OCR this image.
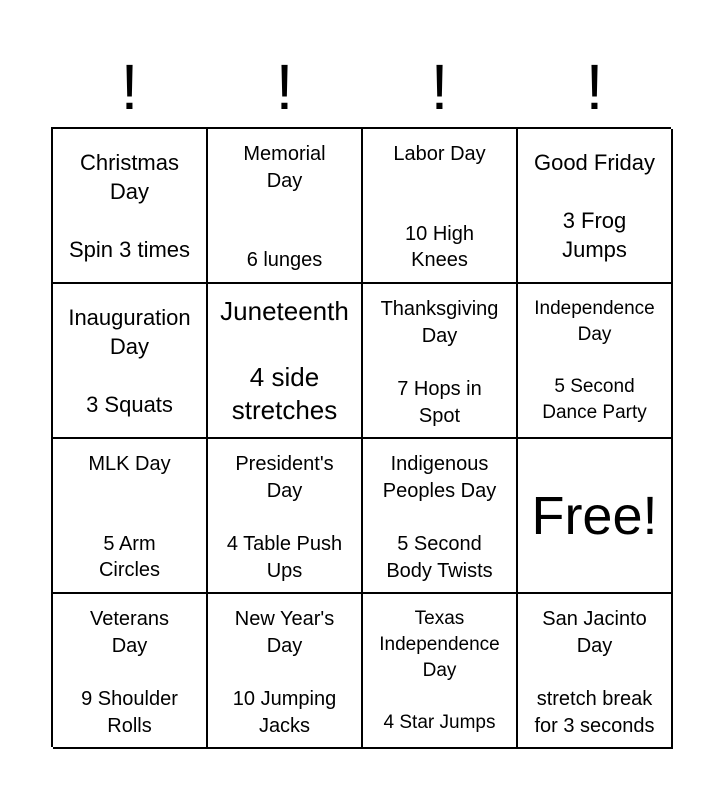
!	!	!	!
Christmas
Day
Spin 3 times
Memorial
Day
6 lunges
Labor Day
10 High
Knees
Good Friday
3 Frog
Jumps
Inauguration
Day
3 Squats
Juneteenth
4 side
stretches
Thanksgiving
Day
7 Hops in
Spot
Independence
Day
5 Second
Dance Party
MLK Day
5 Arm
Circles
President's
Day
4 Table Push
Ups
Indigenous
Peoples Day
5 Second
Body Twists
Free!
Veterans
Day
9 Shoulder
Rolls
New Year's
Day
10 Jumping
Jacks
Texas
Independence
Day
4 Star Jumps
San Jacinto
Day
stretch break
for 3 seconds
